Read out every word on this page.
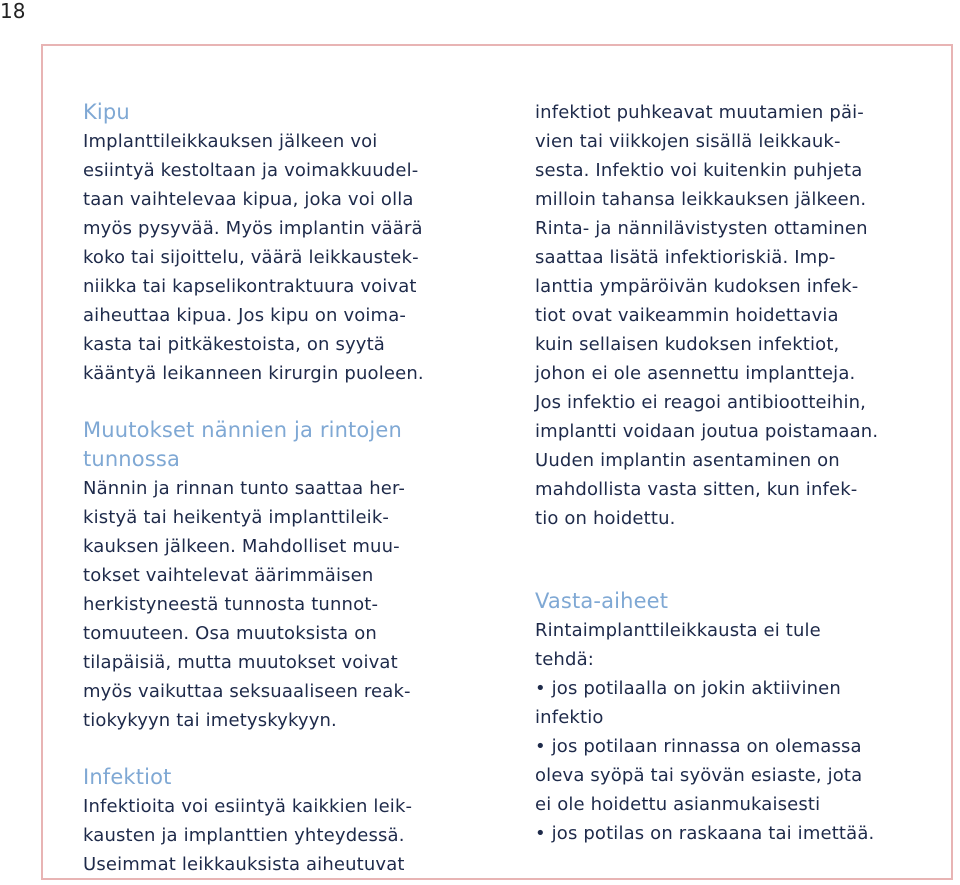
18
Kipu
Implanttileikkauksen jälkeen voi
esiintyä kestoltaan ja voimakkuudel-
taan vaihtelevaa kipua, joka voi olla
myös pysyvää. Myös implantin väärä
koko tai sijoittelu, väärä leikkaustek-
niikka tai kapselikontraktuura voivat
aiheuttaa kipua. Jos kipu on voima-
kasta tai pitkäkestoista, on syytä
kääntyä leikanneen kirurgin puoleen.
Muutokset nännien ja rintojen
tunnossa
Nännin ja rinnan tunto saattaa her-
kistyä tai heikentyä implanttileik-
kauksen jälkeen. Mahdolliset muu-
tokset vaihtelevat äärimmäisen
herkistyneestä tunnosta tunnot-
tomuuteen. Osa muutoksista on
tilapäisiä, mutta muutokset voivat
myös vaikuttaa seksuaaliseen reak-
tiokykyyn tai imetyskykyyn.
Infektiot
Infektioita voi esiintyä kaikkien leik-
kausten ja implanttien yhteydessä.
Useimmat leikkauksista aiheutuvat
infektiot puhkeavat muutamien päi-
vien tai viikkojen sisällä leikkauk-
sesta. Infektio voi kuitenkin puhjeta
milloin tahansa leikkauksen jälkeen.
Rinta- ja nännilävistysten ottaminen
saattaa lisätä infektioriskiä. Imp-
lanttia ympäröivän kudoksen infek-
tiot ovat vaikeammin hoidettavia
kuin sellaisen kudoksen infektiot,
johon ei ole asennettu implantteja.
Jos infektio ei reagoi antibiootteihin,
implantti voidaan joutua poistamaan.
Uuden implantin asentaminen on
mahdollista vasta sitten, kun infek-
tio on hoidettu.
Vasta-aiheet
Rintaimplanttileikkausta ei tule
tehdä:
• jos potilaalla on jokin aktiivinen
infektio
• jos potilaan rinnassa on olemassa
oleva syöpä tai syövän esiaste, jota
ei ole hoidettu asianmukaisesti
• jos potilas on raskaana tai imettää.
